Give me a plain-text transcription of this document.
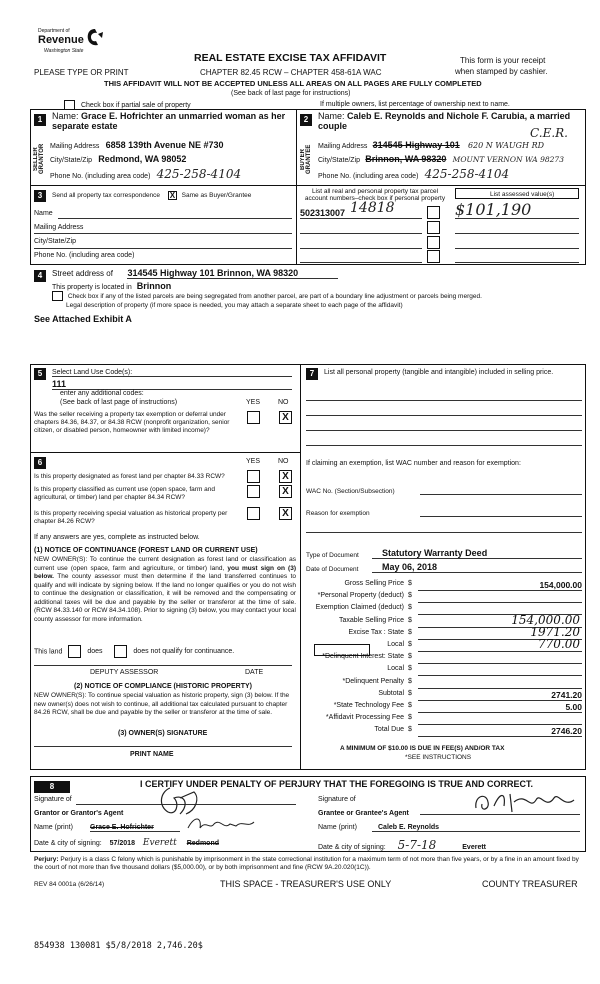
Department of
Revenue
Washington State
PLEASE TYPE OR PRINT
REAL ESTATE EXCISE TAX AFFIDAVIT
CHAPTER 82.45 RCW – CHAPTER 458-61A WAC
This form is your receipt
when stamped by cashier.
THIS AFFIDAVIT WILL NOT BE ACCEPTED UNLESS ALL AREAS ON ALL PAGES ARE FULLY COMPLETED
(See back of last page for instructions)
Check box if partial sale of property	If multiple owners, list percentage of ownership next to name.
1	Name: Grace E. Hofrichter an unmarried woman as her separate estate
SELLER GRANTOR Mailing Address 6858 139th Avenue NE #730
City/State/Zip Redmond, WA 98052
Phone No. (including area code) 425-258-4104
2	Name: Caleb E. Reynolds and Nichole F. Carubia, a married couple	C.E.R.
BUYER GRANTEE Mailing Address 314545 Highway 101 620 N WAUGH RD
City/State/Zip Brinnon, WA 98320 MOUNT VERNON WA 98273
Phone No. (including area code) 425-258-4104
3	Send all property tax correspondence X Same as Buyer/Grantee
Name
Mailing Address
City/State/Zip
Phone No. (including area code)
List all real and personal property tax parcel account numbers–check box if personal property
List assessed value(s)
502313007 14818	$101,190
4	Street address of 314545 Highway 101 Brinnon, WA 98320
This property is located in Brinnon
Check box if any of the listed parcels are being segregated from another parcel, are part of a boundary line adjustment or parcels being merged.
Legal description of property (if more space is needed, you may attach a separate sheet to each page of the affidavit)
See Attached Exhibit A
5	Select Land Use Code(s):
111
enter any additional codes:
(See back of last page of instructions)	YES	NO
Was the seller receiving a property tax exemption or deferral under chapters 84.36, 84.37, or 84.38 RCW (nonprofit organization, senior citizen, or disabled person, homeowner with limited income)?
X
6	YES	NO
Is this property designated as forest land per chapter 84.33 RCW?	X
Is this property classified as current use (open space, farm and agricultural, or timber) land per chapter 84.34 RCW?
X
Is this property receiving special valuation as historical property per chapter 84.26 RCW?
X
If any answers are yes, complete as instructed below.
(1) NOTICE OF CONTINUANCE (FOREST LAND OR CURRENT USE)
NEW OWNER(S): To continue the current designation as forest land or classification as current use (open space, farm and agriculture, or timber) land, you must sign on (3) below. The county assessor must then determine if the land transferred continues to qualify and will indicate by signing below. If the land no longer qualifies or you do not wish to continue the designation or classification, it will be removed and the compensating or additional taxes will be due and payable by the seller or transferor at the time of sale. (RCW 84.33.140 or RCW 84.34.108). Prior to signing (3) below, you may contact your local county assessor for more information.
This land	does	does not qualify for continuance.
DEPUTY ASSESSOR	DATE
(2) NOTICE OF COMPLIANCE (HISTORIC PROPERTY)
NEW OWNER(S): To continue special valuation as historic property, sign (3) below. If the new owner(s) does not wish to continue, all additional tax calculated pursuant to chapter 84.26 RCW, shall be due and payable by the seller or transferor at the time of sale.
(3) OWNER(S) SIGNATURE
PRINT NAME
7	List all personal property (tangible and intangible) included in selling price.
If claiming an exemption, list WAC number and reason for exemption:
WAC No. (Section/Subsection)
Reason for exemption
Type of Document	Statutory Warranty Deed
Date of Document	May 06, 2018
Gross Selling Price $	154,000.00
*Personal Property (deduct) $
Exemption Claimed (deduct) $
Taxable Selling Price $	154,000.00
Excise Tax : State $	1971.20
Local $	770.00
*Delinquent Interest: State $
Local $
*Delinquent Penalty $
Subtotal $	2741.20
*State Technology Fee $	5.00
*Affidavit Processing Fee $
Total Due $	2746.20
A MINIMUM OF $10.00 IS DUE IN FEE(S) AND/OR TAX
*SEE INSTRUCTIONS
8	I CERTIFY UNDER PENALTY OF PERJURY THAT THE FOREGOING IS TRUE AND CORRECT.
Signature of
Grantor or Grantor's Agent
Name (print) Grace E. Hofrichter
Date & city of signing: 57/2018 Everett Redmond
Signature of
Grantee or Grantee's Agent
Name (print)	Caleb E. Reynolds
Date & city of signing: 5-7-18	Everett
Perjury: Perjury is a class C felony which is punishable by imprisonment in the state correctional institution for a maximum term of not more than five years, or by a fine in an amount fixed by the court of not more than five thousand dollars ($5,000.00), or by both imprisonment and fine (RCW 9A.20.020(1C)).
REV 84 0001a (6/26/14)	THIS SPACE - TREASURER'S USE ONLY	COUNTY TREASURER
854938 130081 $5/8/2018 2,746.20$
